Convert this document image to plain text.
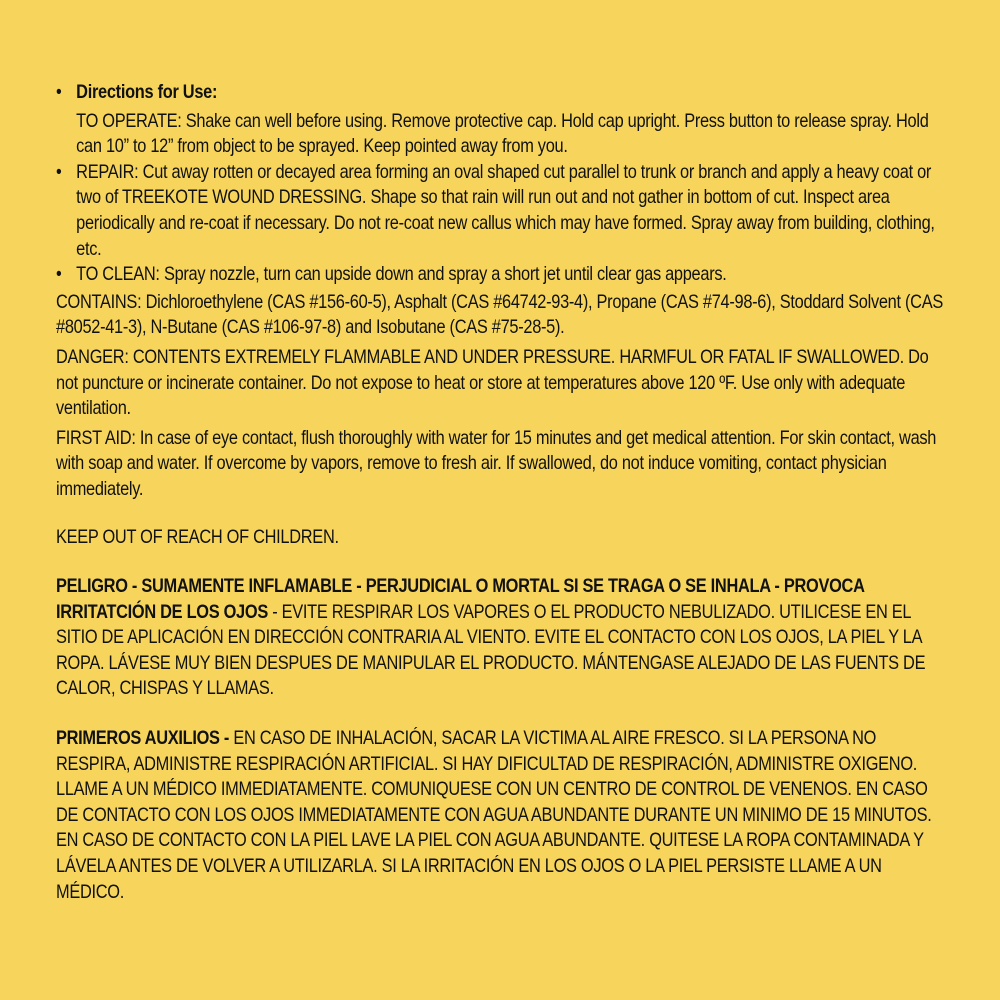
• Directions for Use:
TO OPERATE: Shake can well before using. Remove protective cap. Hold cap upright. Press button to release spray. Hold can 10” to 12” from object to be sprayed. Keep pointed away from you.
• REPAIR: Cut away rotten or decayed area forming an oval shaped cut parallel to trunk or branch and apply a heavy coat or two of TREEKOTE WOUND DRESSING. Shape so that rain will run out and not gather in bottom of cut. Inspect area periodically and re-coat if necessary. Do not re-coat new callus which may have formed. Spray away from building, clothing, etc.
• TO CLEAN: Spray nozzle, turn can upside down and spray a short jet until clear gas appears.

CONTAINS: Dichloroethylene (CAS #156-60-5), Asphalt (CAS #64742-93-4), Propane (CAS #74-98-6), Stoddard Solvent (CAS #8052-41-3), N-Butane (CAS #106-97-8) and Isobutane (CAS #75-28-5).

DANGER: CONTENTS EXTREMELY FLAMMABLE AND UNDER PRESSURE. HARMFUL OR FATAL IF SWALLOWED. Do not puncture or incinerate container. Do not expose to heat or store at temperatures above 120 ºF. Use only with adequate ventilation.

FIRST AID: In case of eye contact, flush thoroughly with water for 15 minutes and get medical attention. For skin contact, wash with soap and water. If overcome by vapors, remove to fresh air. If swallowed, do not induce vomiting, contact physician immediately.

KEEP OUT OF REACH OF CHILDREN.

PELIGRO - SUMAMENTE INFLAMABLE - PERJUDICIAL O MORTAL SI SE TRAGA O SE INHALA - PROVOCA IRRITATCIÓN DE LOS OJOS - EVITE RESPIRAR LOS VAPORES O EL PRODUCTO NEBULIZADO. UTILICESE EN EL SITIO DE APLICACIÓN EN DIRECCIÓN CONTRARIA AL VIENTO. EVITE EL CONTACTO CON LOS OJOS, LA PIEL Y LA ROPA. LÁVESE MUY BIEN DESPUES DE MANIPULAR EL PRODUCTO. MÁNTENGASE ALEJADO DE LAS FUENTS DE CALOR, CHISPAS Y LLAMAS.

PRIMEROS AUXILIOS - EN CASO DE INHALACIÓN, SACAR LA VICTIMA AL AIRE FRESCO. SI LA PERSONA NO RESPIRA, ADMINISTRE RESPIRACIÓN ARTIFICIAL. SI HAY DIFICULTAD DE RESPIRACIÓN, ADMINISTRE OXIGENO. LLAME A UN MÉDICO IMMEDIATAMENTE. COMUNIQUESE CON UN CENTRO DE CONTROL DE VENENOS. EN CASO DE CONTACTO CON LOS OJOS IMMEDIATAMENTE CON AGUA ABUNDANTE DURANTE UN MINIMO DE 15 MINUTOS. EN CASO DE CONTACTO CON LA PIEL LAVE LA PIEL CON AGUA ABUNDANTE. QUITESE LA ROPA CONTAMINADA Y LÁVELA ANTES DE VOLVER A UTILIZARLA. SI LA IRRITACIÓN EN LOS OJOS O LA PIEL PERSISTE LLAME A UN MÉDICO.
